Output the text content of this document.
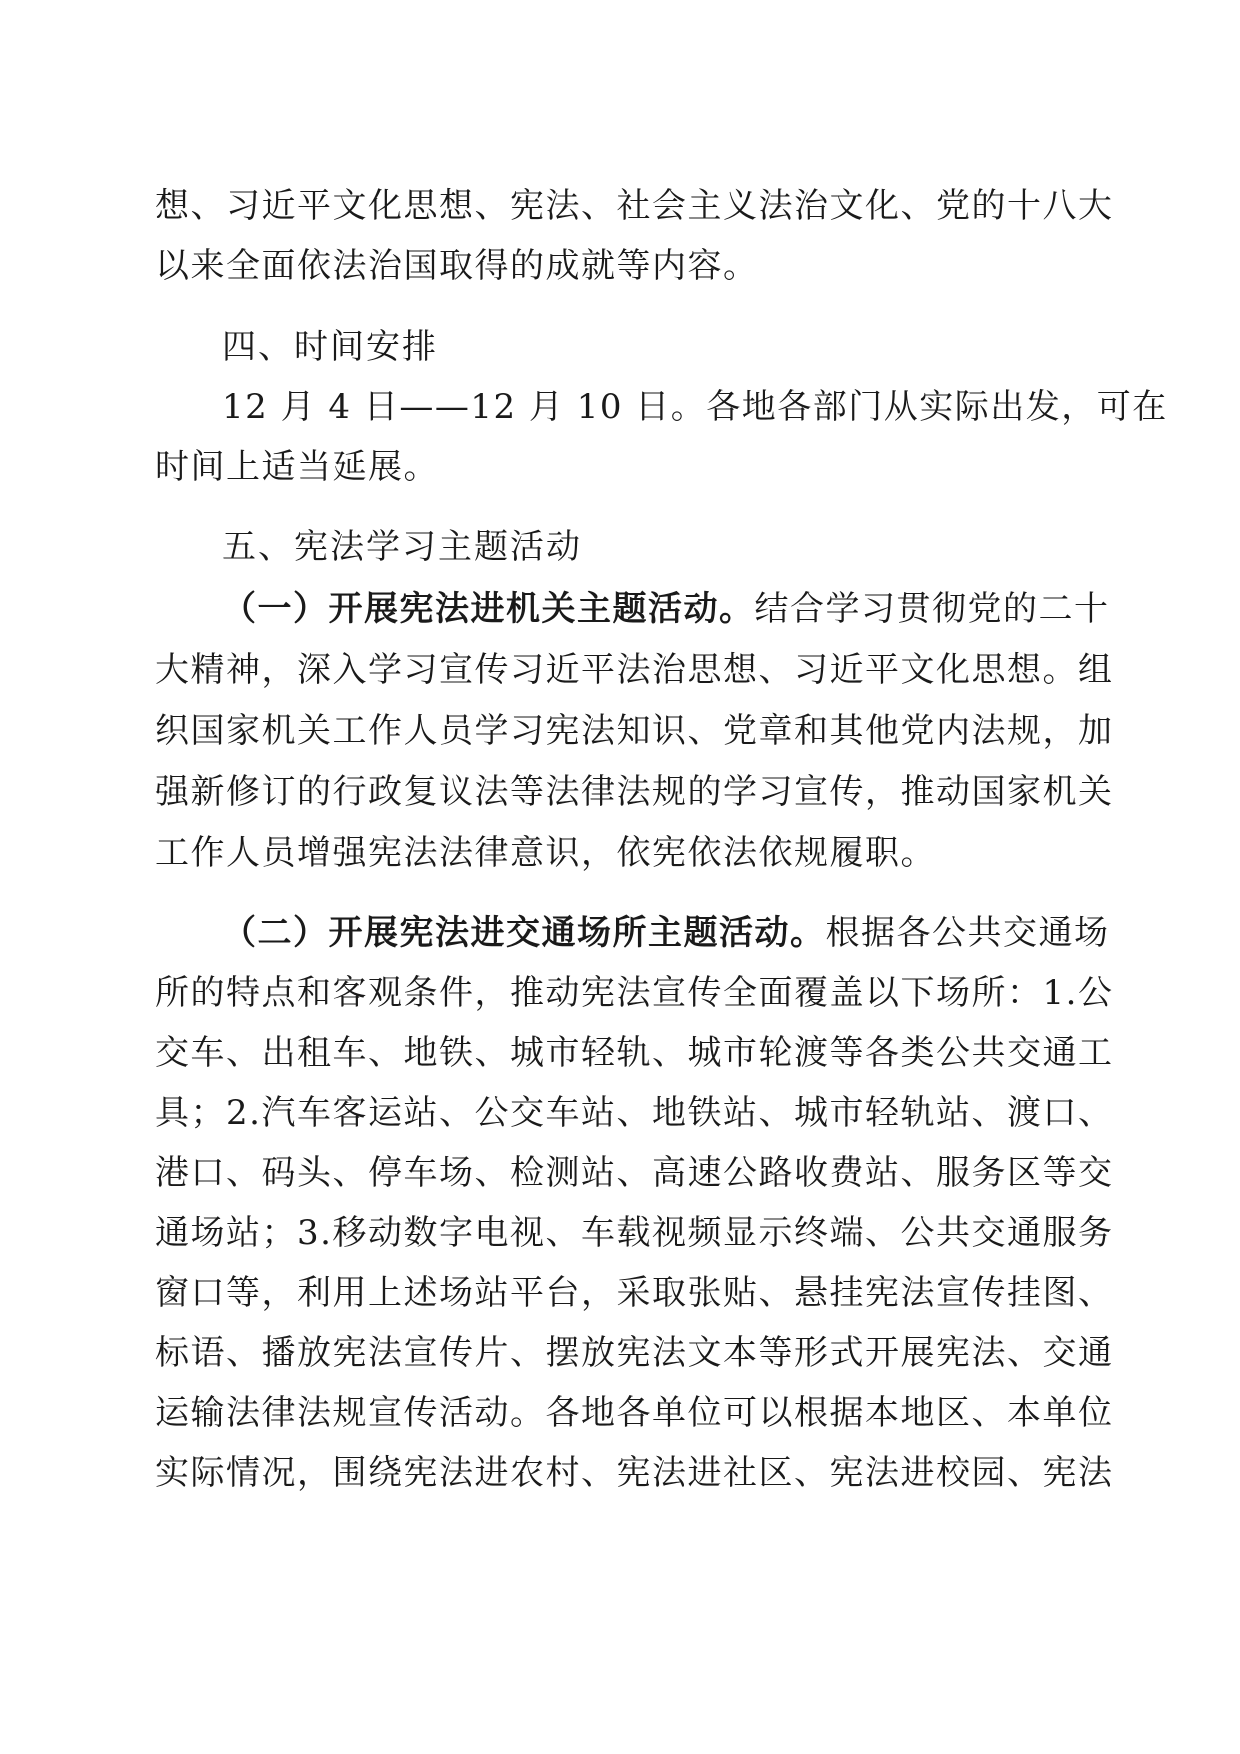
想、习近平文化思想、宪法、社会主义法治文化、党的十八大
以来全面依法治国取得的成就等内容。
四、时间安排
12 月 4 日——12 月 10 日。各地各部门从实际出发，可在
时间上适当延展。
五、宪法学习主题活动
（一）开展宪法进机关主题活动。结合学习贯彻党的二十
大精神，深入学习宣传习近平法治思想、习近平文化思想。组
织国家机关工作人员学习宪法知识、党章和其他党内法规，加
强新修订的行政复议法等法律法规的学习宣传，推动国家机关
工作人员增强宪法法律意识，依宪依法依规履职。
（二）开展宪法进交通场所主题活动。根据各公共交通场
所的特点和客观条件，推动宪法宣传全面覆盖以下场所：1.公
交车、出租车、地铁、城市轻轨、城市轮渡等各类公共交通工
具；2.汽车客运站、公交车站、地铁站、城市轻轨站、渡口、
港口、码头、停车场、检测站、高速公路收费站、服务区等交
通场站；3.移动数字电视、车载视频显示终端、公共交通服务
窗口等，利用上述场站平台，采取张贴、悬挂宪法宣传挂图、
标语、播放宪法宣传片、摆放宪法文本等形式开展宪法、交通
运输法律法规宣传活动。各地各单位可以根据本地区、本单位
实际情况，围绕宪法进农村、宪法进社区、宪法进校园、宪法
